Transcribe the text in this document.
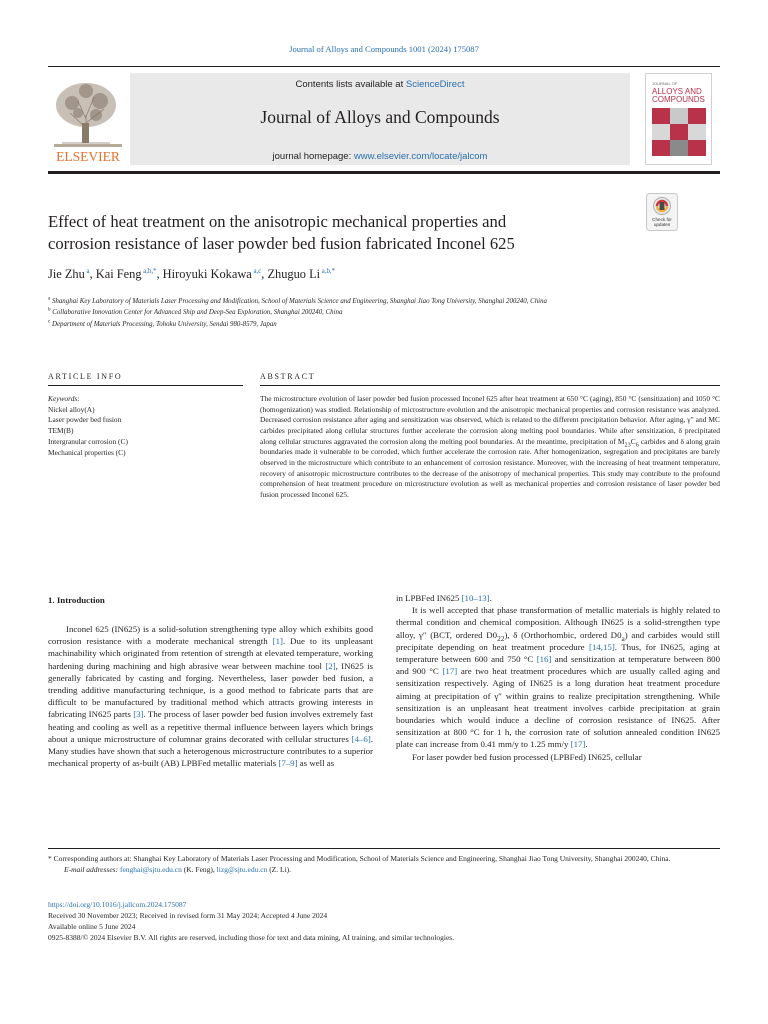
Journal of Alloys and Compounds 1001 (2024) 175087
ELSEVIER
Contents lists available at ScienceDirect
Journal of Alloys and Compounds
journal homepage: www.elsevier.com/locate/jalcom
JOURNAL OF
ALLOYS AND
COMPOUNDS
Effect of heat treatment on the anisotropic mechanical properties and
corrosion resistance of laser powder bed fusion fabricated Inconel 625
Check for
updates
Jie Zhu $^a$, Kai Feng $^{a,b,*}$, Hiroyuki Kokawa $^{a,c}$, Zhuguo Li $^{a,b,*}$
$^a$ Shanghai Key Laboratory of Materials Laser Processing and Modification, School of Materials Science and Engineering, Shanghai Jiao Tong University, Shanghai 200240, China
$^b$ Collaborative Innovation Center for Advanced Ship and Deep-Sea Exploration, Shanghai 200240, China
$^c$ Department of Materials Processing, Tohoku University, Sendai 980-8579, Japan
ARTICLE INFO
Keywords:
Nickel alloy(A)
Laser powder bed fusion
TEM(B)
Intergranular corrosion (C)
Mechanical properties (C)
ABSTRACT
The microstructure evolution of laser powder bed fusion processed Inconel 625 after heat treatment at 650 °C (aging), 850 °C (sensitization) and 1050 °C (homogenization) was studied. Relationship of microstructure evolution and the anisotropic mechanical properties and corrosion resistance was analyzed. Decreased corrosion resistance after aging and sensitization was observed, which is related to the different precipitation behavior. After aging, γ″ and MC carbides precipitated along cellular structures further accelerate the corrosion along melting pool boundaries. While after sensitization, δ precipitated along cellular structures aggravated the corrosion along the melting pool boundaries. At the meantime, precipitation of $M_{23}C_6$ carbides and δ along grain boundaries made it vulnerable to be corroded, which further accelerate the corrosion rate. After homogenization, segregation and precipitates are barely observed in the microstructure which contribute to an enhancement of corrosion resistance. Moreover, with the increasing of heat treatment temperature, recovery of anisotropic microstructure contributes to the decrease of the anisotropy of mechanical properties. This study may contribute to the profound comprehension of heat treatment procedure on microstructure evolution as well as mechanical properties and corrosion resistance of laser powder bed fusion processed Inconel 625.
1. Introduction
Inconel 625 (IN625) is a solid-solution strengthening type alloy which exhibits good corrosion resistance with a moderate mechanical strength [1]. Due to its unpleasant machinability which originated from retention of strength at elevated temperature, working hardening during machining and high abrasive wear between machine tool [2], IN625 is generally fabricated by casting and forging. Nevertheless, laser powder bed fusion, a trending additive manufacturing technique, is a good method to fabricate parts that are difficult to be manufactured by traditional method which attracts growing interests in fabricating IN625 parts [3]. The process of laser powder bed fusion involves extremely fast heating and cooling as well as a repetitive thermal influence between layers which brings about a unique microstructure of columnar grains decorated with cellular structures [4–6]. Many studies have shown that such a heterogenous microstructure contributes to a superior mechanical property of as-built (AB) LPBFed metallic materials [7–9] as well as

in LPBFed IN625 [10–13].

It is well accepted that phase transformation of metallic materials is highly related to thermal condition and chemical composition. Although IN625 is a solid-strengthen type alloy, γ″ (BCT, ordered $D0_{22}$), δ (Orthorhombic, ordered $D0_a$) and carbides would still precipitate depending on heat treatment procedure [14,15]. Thus, for IN625, aging at temperature between 600 and 750 °C [16] and sensitization at temperature between 800 and 900 °C [17] are two heat treatment procedures which are usually called aging and sensitization respectively. Aging of IN625 is a long duration heat treatment procedure aiming at precipitation of γ″ within grains to realize precipitation strengthening. While sensitization is an unpleasant heat treatment involves carbide precipitation at grain boundaries which would induce a decline of corrosion resistance of IN625. After sensitization at 800 °C for 1 h, the corrosion rate of solution annealed condition IN625 plate can increase from 0.41 mm/y to 1.25 mm/y [17].

For laser powder bed fusion processed (LPBFed) IN625, cellular

* Corresponding authors at: Shanghai Key Laboratory of Materials Laser Processing and Modification, School of Materials Science and Engineering, Shanghai Jiao Tong University, Shanghai 200240, China.

E-mail addresses: fenghai@sjtu.edu.cn (K. Feng), lizg@sjtu.edu.cn (Z. Li).

https://doi.org/10.1016/j.jallcom.2024.175087
Received 30 November 2023; Received in revised form 31 May 2024; Accepted 4 June 2024
Available online 5 June 2024
0925-8388/© 2024 Elsevier B.V. All rights are reserved, including those for text and data mining, AI training, and similar technologies.
